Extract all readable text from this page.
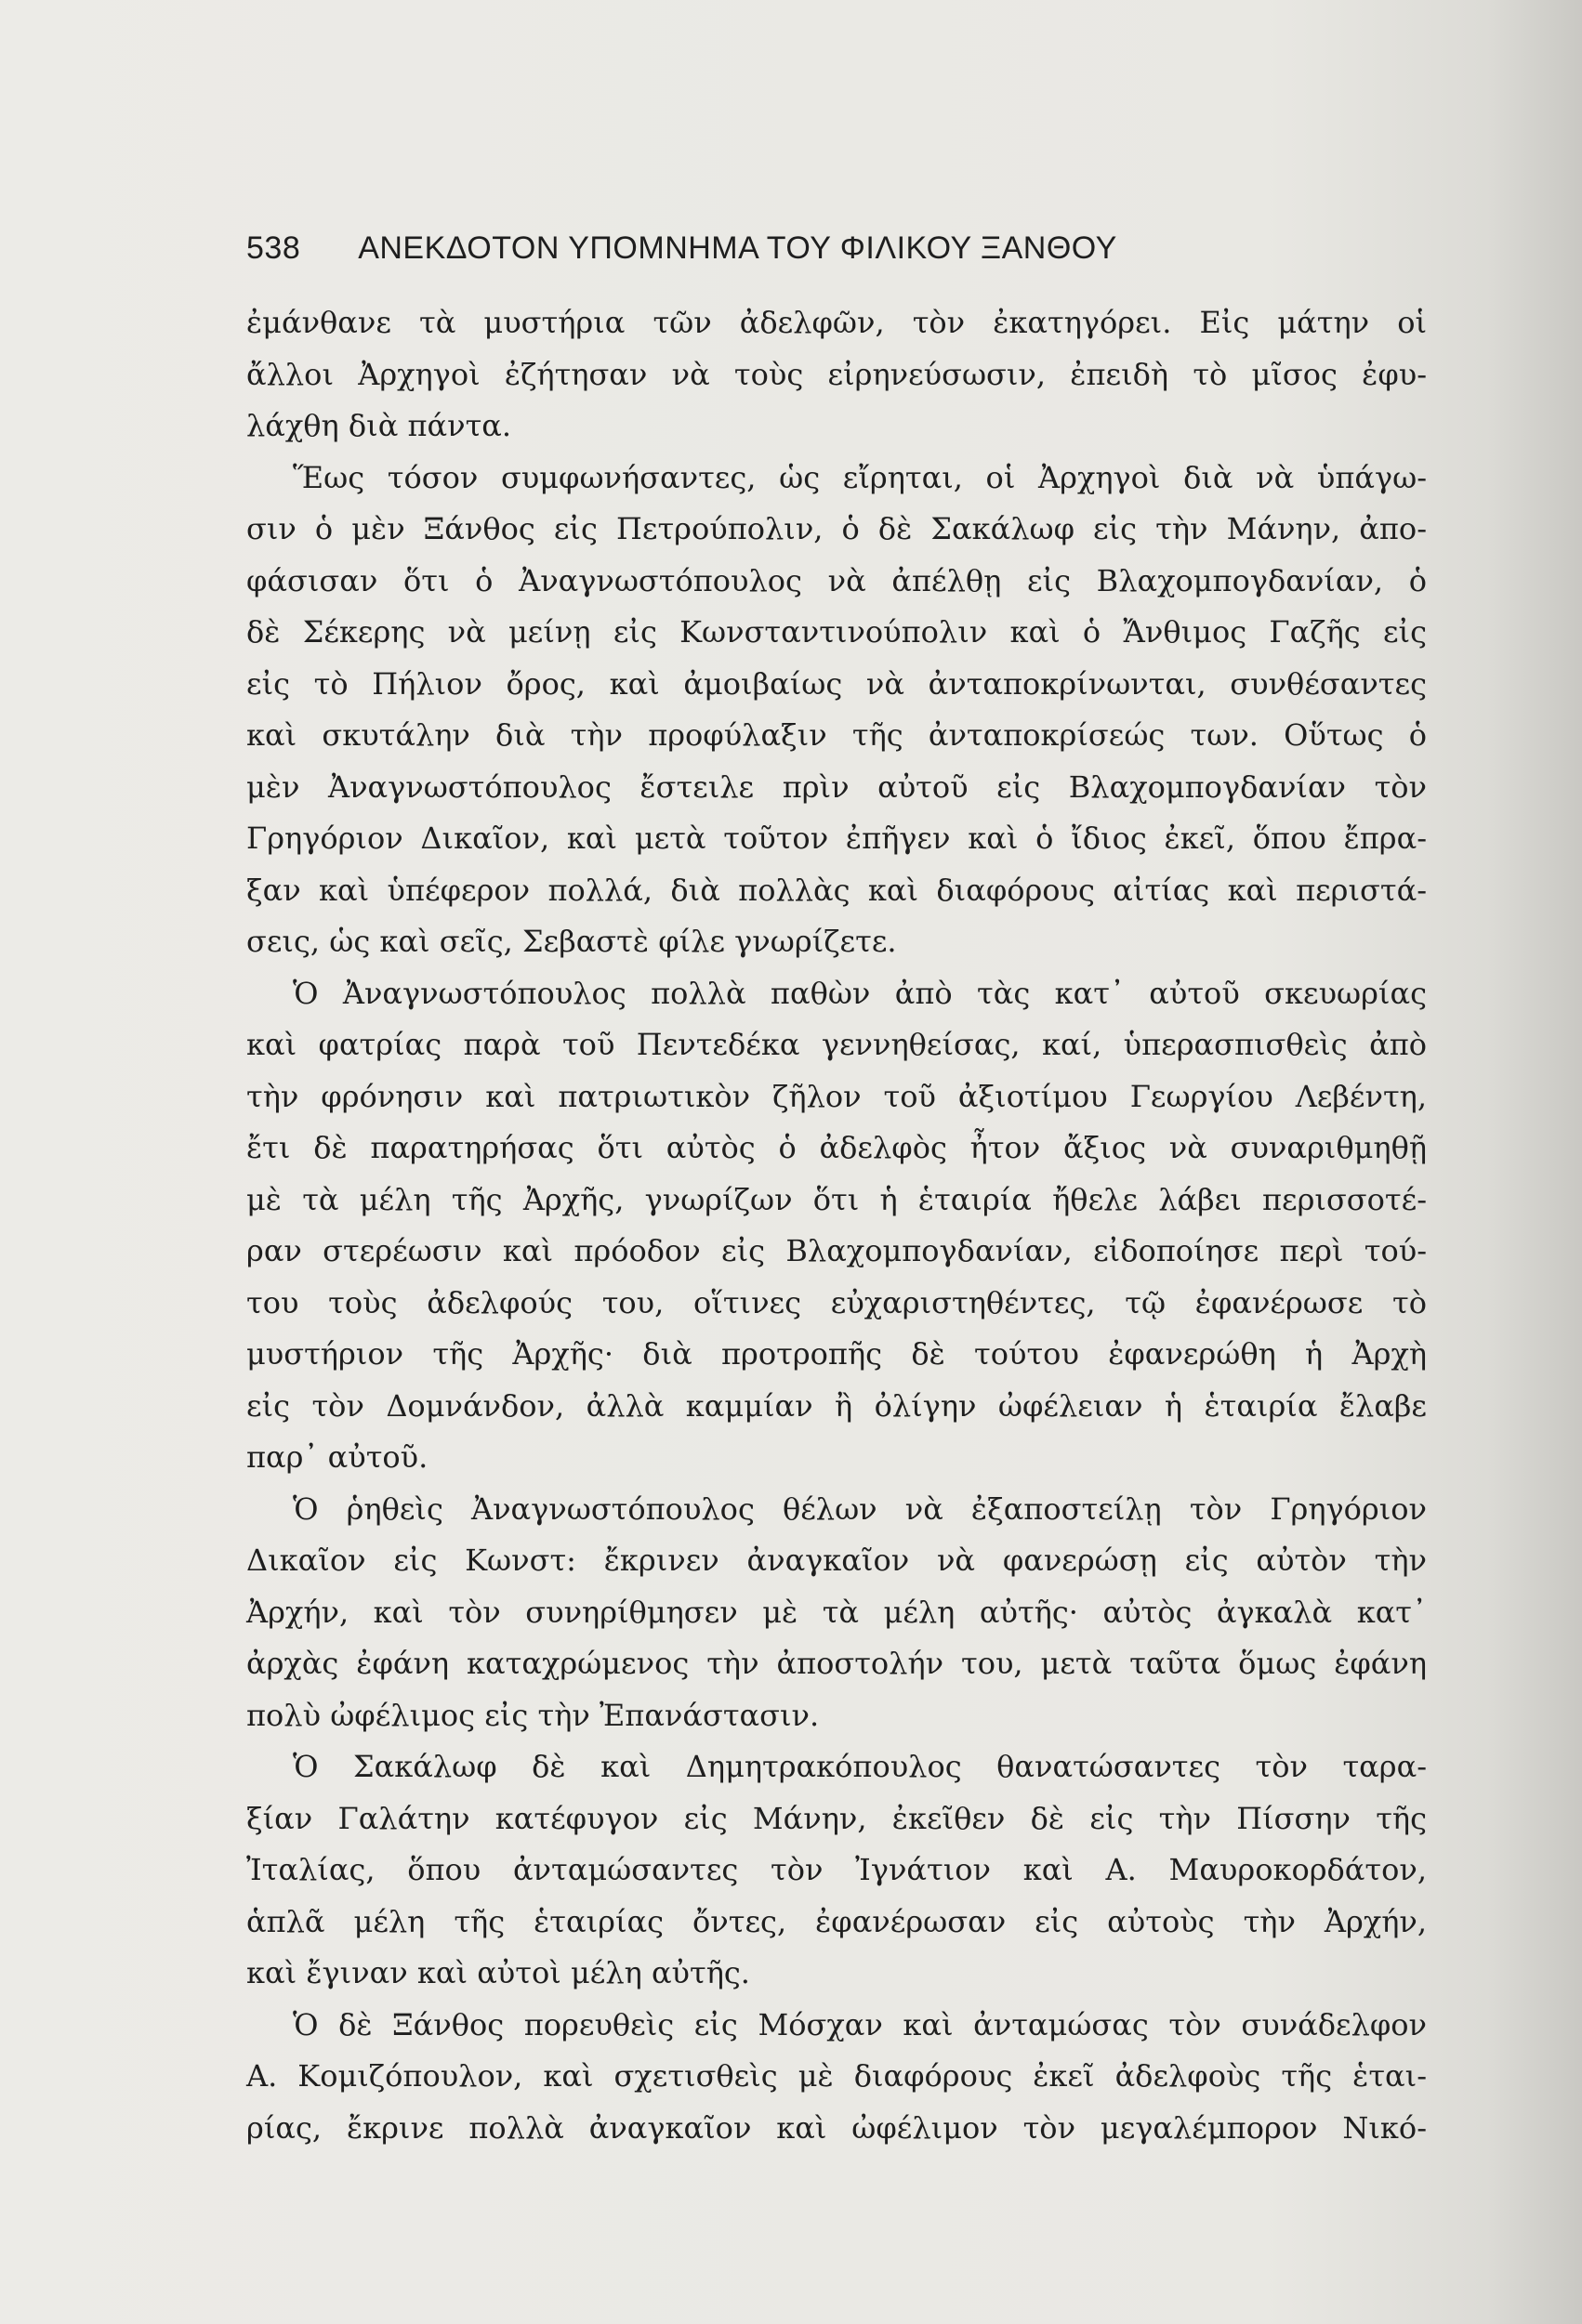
538 ΑΝΕΚΔΟΤΟΝ ΥΠΟΜΝΗΜΑ ΤΟΥ ΦΙΛΙΚΟΥ ΞΑΝΘΟΥ
ἐμάνθανε τὰ μυστήρια τῶν ἀδελφῶν, τὸν ἐκατηγόρει. Εἰς μάτην οἱ
ἄλλοι Ἀρχηγοὶ ἐζήτησαν νὰ τοὺς εἰρηνεύσωσιν, ἐπειδὴ τὸ μῖσος ἐφυ-
λάχθη διὰ πάντα.
Ἕως τόσον συμφωνήσαντες, ὡς εἴρηται, οἱ Ἀρχηγοὶ διὰ νὰ ὑπάγω-
σιν ὁ μὲν Ξάνθος εἰς Πετρούπολιν, ὁ δὲ Σακάλωφ εἰς τὴν Μάνην, ἀπο-
φάσισαν ὅτι ὁ Ἀναγνωστόπουλος νὰ ἀπέλθῃ εἰς Βλαχομπογδανίαν, ὁ
δὲ Σέκερης νὰ μείνῃ εἰς Κωνσταντινούπολιν καὶ ὁ Ἄνθιμος Γαζῆς εἰς
εἰς τὸ Πήλιον ὄρος, καὶ ἀμοιβαίως νὰ ἀνταποκρίνωνται, συνθέσαντες
καὶ σκυτάλην διὰ τὴν προφύλαξιν τῆς ἀνταποκρίσεώς των. Οὕτως ὁ
μὲν Ἀναγνωστόπουλος ἔστειλε πρὶν αὐτοῦ εἰς Βλαχομπογδανίαν τὸν
Γρηγόριον Δικαῖον, καὶ μετὰ τοῦτον ἐπῆγεν καὶ ὁ ἴδιος ἐκεῖ, ὅπου ἔπρα-
ξαν καὶ ὑπέφερον πολλά, διὰ πολλὰς καὶ διαφόρους αἰτίας καὶ περιστά-
σεις, ὡς καὶ σεῖς, Σεβαστὲ φίλε γνωρίζετε.
Ὁ Ἀναγνωστόπουλος πολλὰ παθὼν ἀπὸ τὰς κατ᾽ αὐτοῦ σκευωρίας
καὶ φατρίας παρὰ τοῦ Πεντεδέκα γεννηθείσας, καί, ὑπερασπισθεὶς ἀπὸ
τὴν φρόνησιν καὶ πατριωτικὸν ζῆλον τοῦ ἀξιοτίμου Γεωργίου Λεβέντη,
ἔτι δὲ παρατηρήσας ὅτι αὐτὸς ὁ ἀδελφὸς ἦτον ἄξιος νὰ συναριθμηθῇ
μὲ τὰ μέλη τῆς Ἀρχῆς, γνωρίζων ὅτι ἡ ἑταιρία ἤθελε λάβει περισσοτέ-
ραν στερέωσιν καὶ πρόοδον εἰς Βλαχομπογδανίαν, εἰδοποίησε περὶ τού-
του τοὺς ἀδελφούς του, οἵτινες εὐχαριστηθέντες, τῷ ἐφανέρωσε τὸ
μυστήριον τῆς Ἀρχῆς· διὰ προτροπῆς δὲ τούτου ἐφανερώθη ἡ Ἀρχὴ
εἰς τὸν Δομνάνδον, ἀλλὰ καμμίαν ἢ ὀλίγην ὠφέλειαν ἡ ἑταιρία ἔλαβε
παρ᾽ αὐτοῦ.
Ὁ ῥηθεὶς Ἀναγνωστόπουλος θέλων νὰ ἐξαποστείλῃ τὸν Γρηγόριον
Δικαῖον εἰς Κωνστ: ἔκρινεν ἀναγκαῖον νὰ φανερώσῃ εἰς αὐτὸν τὴν
Ἀρχήν, καὶ τὸν συνηρίθμησεν μὲ τὰ μέλη αὐτῆς· αὐτὸς ἀγκαλὰ κατ᾽
ἀρχὰς ἐφάνη καταχρώμενος τὴν ἀποστολήν του, μετὰ ταῦτα ὅμως ἐφάνη
πολὺ ὠφέλιμος εἰς τὴν Ἐπανάστασιν.
Ὁ Σακάλωφ δὲ καὶ Δημητρακόπουλος θανατώσαντες τὸν ταρα-
ξίαν Γαλάτην κατέφυγον εἰς Μάνην, ἐκεῖθεν δὲ εἰς τὴν Πίσσην τῆς
Ἰταλίας, ὅπου ἀνταμώσαντες τὸν Ἰγνάτιον καὶ Α. Μαυροκορδάτον,
ἁπλᾶ μέλη τῆς ἑταιρίας ὄντες, ἐφανέρωσαν εἰς αὐτοὺς τὴν Ἀρχήν,
καὶ ἔγιναν καὶ αὐτοὶ μέλη αὐτῆς.
Ὁ δὲ Ξάνθος πορευθεὶς εἰς Μόσχαν καὶ ἀνταμώσας τὸν συνάδελφον
Α. Κομιζόπουλον, καὶ σχετισθεὶς μὲ διαφόρους ἐκεῖ ἀδελφοὺς τῆς ἑται-
ρίας, ἔκρινε πολλὰ ἀναγκαῖον καὶ ὠφέλιμον τὸν μεγαλέμπορον Νικό-
